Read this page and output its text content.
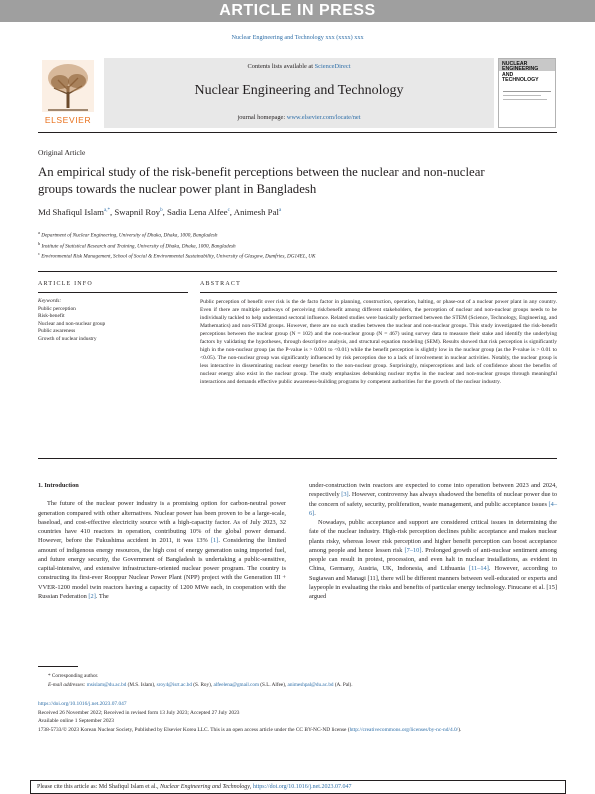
ARTICLE IN PRESS
Nuclear Engineering and Technology xxx (xxxx) xxx
ELSEVIER
Contents lists available at ScienceDirect
Nuclear Engineering and Technology
journal homepage: www.elsevier.com/locate/net
NUCLEAR ENGINEERING AND TECHNOLOGY
Original Article
An empirical study of the risk-benefit perceptions between the nuclear and non-nuclear groups towards the nuclear power plant in Bangladesh
Md Shafiqul Islam$^{a,*}$, Swapnil Roy$^b$, Sadia Lena Alfee$^c$, Animesh Pal$^a$
$^a$ Department of Nuclear Engineering, University of Dhaka, Dhaka, 1000, Bangladesh
$^b$ Institute of Statistical Research and Training, University of Dhaka, Dhaka, 1000, Bangladesh
$^c$ Environmental Risk Management, School of Social & Environmental Sustainability, University of Glasgow, Dumfries, DG14EL, UK
ARTICLE INFO	ABSTRACT
Keywords:
Public perception
Risk-benefit
Nuclear and non-nuclear group
Public awareness
Growth of nuclear industry
Public perception of benefit over risk is the de facto factor in planning, construction, operation, halting, or phase-out of a nuclear power plant in any country. Even if there are multiple pathways of perceiving risk/benefit among different stakeholders, the perception of nuclear and non-nuclear groups needs to be individually tackled to help understand sectoral influence. Related studies were basically performed between the STEM (Science, Technology, Engineering, and Mathematics) and non-STEM groups. However, there are no such studies between the nuclear and non-nuclear groups. This study investigated the risk-benefit perceptions between the nuclear group (N = 102) and the non-nuclear group (N = 467) using survey data to measure their stake and identify the underlying factors by validating the hypotheses, through descriptive analysis, and structural equation modeling (SEM). Results showed that risk perception is significantly high in the non-nuclear group (as the P-value is > 0.001 to <0.01) while the benefit perception is slightly low in the nuclear group (as the P-value is > 0.01 to <0.05). The non-nuclear group was significantly influenced by risk perception due to a lack of involvement in nuclear activities. Notably, the nuclear group is less interactive in disseminating nuclear energy benefits to the non-nuclear group. Surprisingly, misperceptions and lack of confidence about the benefits of nuclear energy also exist in the nuclear group. The study emphasizes debunking nuclear myths in the nuclear and non-nuclear groups through meaningful interactions and demands effective public awareness-building programs by competent authorities for the growth of the nuclear industry.

1. Introduction

The future of the nuclear power industry is a promising option for carbon-neutral power generation compared with other alternatives. Nuclear power has been proven to be a large-scale, baseload, and cost-effective electricity source with a high-capacity factor. As of July 2023, 32 countries have 410 reactors in operation, contributing 10% of the global power demand. However, before the Fukushima accident in 2011, it was 13% [1]. Considering the limited amount of indigenous energy resources, the high cost of energy generation using imported fuel, and future energy security, the Government of Bangladesh is undertaking a public-sensitive, capital-intensive, and extensive infrastructure-oriented nuclear power program. The country is constructing its first-ever Rooppur Nuclear Power Plant (NPP) project with the Generation III + VVER-1200 model twin reactors having a capacity of 1200 MWe each, in cooperation with the Russian Federation [2]. The

under-construction twin reactors are expected to come into operation between 2023 and 2024, respectively [3]. However, controversy has always shadowed the benefits of nuclear power due to the concern of safety, security, proliferation, waste management, and public acceptance issues [4–6].

Nowadays, public acceptance and support are considered critical issues in determining the fate of the nuclear industry. High-risk perception declines public acceptance and makes nuclear plants risky, whereas lower risk perception and higher benefit perception can boost acceptance among people and hence lessen risk [7–10]. Prolonged growth of anti-nuclear sentiment among people can result in protest, procession, and even halt in nuclear installations, as evident in China, Germany, Austria, UK, Indonesia, and Lithuania [11–14]. However, according to Sugiawan and Managi [11], there will be different manners between well-educated or experts and laypeople in evaluating the risks and benefits of particular energy technology. Finucane et al. [15] argued

* Corresponding author.
E-mail addresses: msislam@du.ac.bd (M.S. Islam), sroy4@isrt.ac.bd (S. Roy), alfeelena@gmail.com (S.L. Alfee), animeshpal@du.ac.bd (A. Pal).
https://doi.org/10.1016/j.net.2023.07.047
Received 26 November 2022; Received in revised form 13 July 2023; Accepted 27 July 2023
Available online 1 September 2023
1738-5733/© 2023 Korean Nuclear Society, Published by Elsevier Korea LLC. This is an open access article under the CC BY-NC-ND license (http://creativecommons.org/licenses/by-nc-nd/4.0/).
Please cite this article as: Md Shafiqul Islam et al., Nuclear Engineering and Technology, https://doi.org/10.1016/j.net.2023.07.047
